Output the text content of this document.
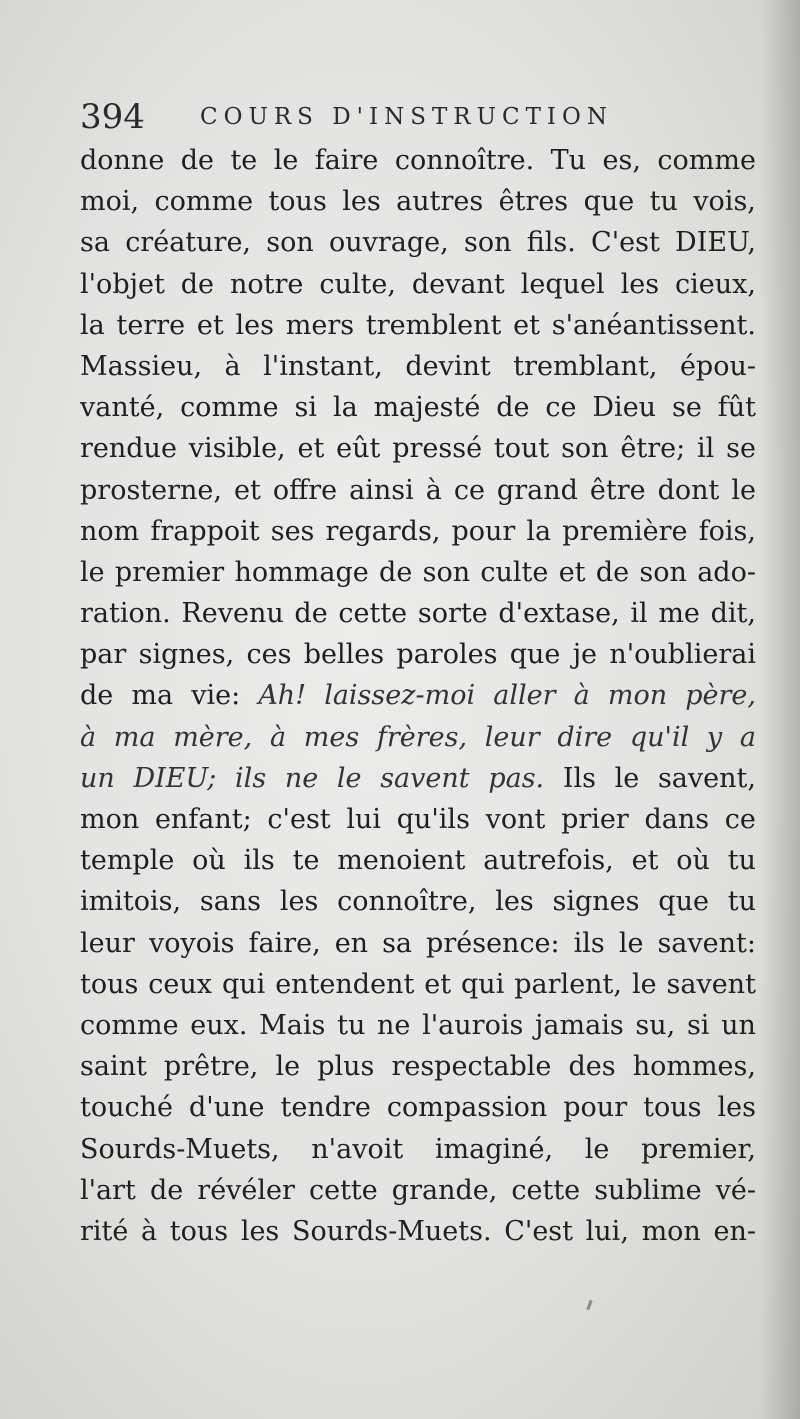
394 COURS D'INSTRUCTION
donne de te le faire connoître. Tu es, comme
moi, comme tous les autres êtres que tu vois,
sa créature, son ouvrage, son fils. C'est DIEU,
l'objet de notre culte, devant lequel les cieux,
la terre et les mers tremblent et s'anéantissent.
Massieu, à l'instant, devint tremblant, épou-
vanté, comme si la majesté de ce Dieu se fût
rendue visible, et eût pressé tout son être; il se
prosterne, et offre ainsi à ce grand être dont le
nom frappoit ses regards, pour la première fois,
le premier hommage de son culte et de son ado-
ration. Revenu de cette sorte d'extase, il me dit,
par signes, ces belles paroles que je n'oublierai
de ma vie: Ah! laissez-moi aller à mon père,
à ma mère, à mes frères, leur dire qu'il y a
un DIEU; ils ne le savent pas. Ils le savent,
mon enfant; c'est lui qu'ils vont prier dans ce
temple où ils te menoient autrefois, et où tu
imitois, sans les connoître, les signes que tu
leur voyois faire, en sa présence: ils le savent:
tous ceux qui entendent et qui parlent, le savent
comme eux. Mais tu ne l'aurois jamais su, si un
saint prêtre, le plus respectable des hommes,
touché d'une tendre compassion pour tous les
Sourds-Muets, n'avoit imaginé, le premier,
l'art de révéler cette grande, cette sublime vé-
rité à tous les Sourds-Muets. C'est lui, mon en-
